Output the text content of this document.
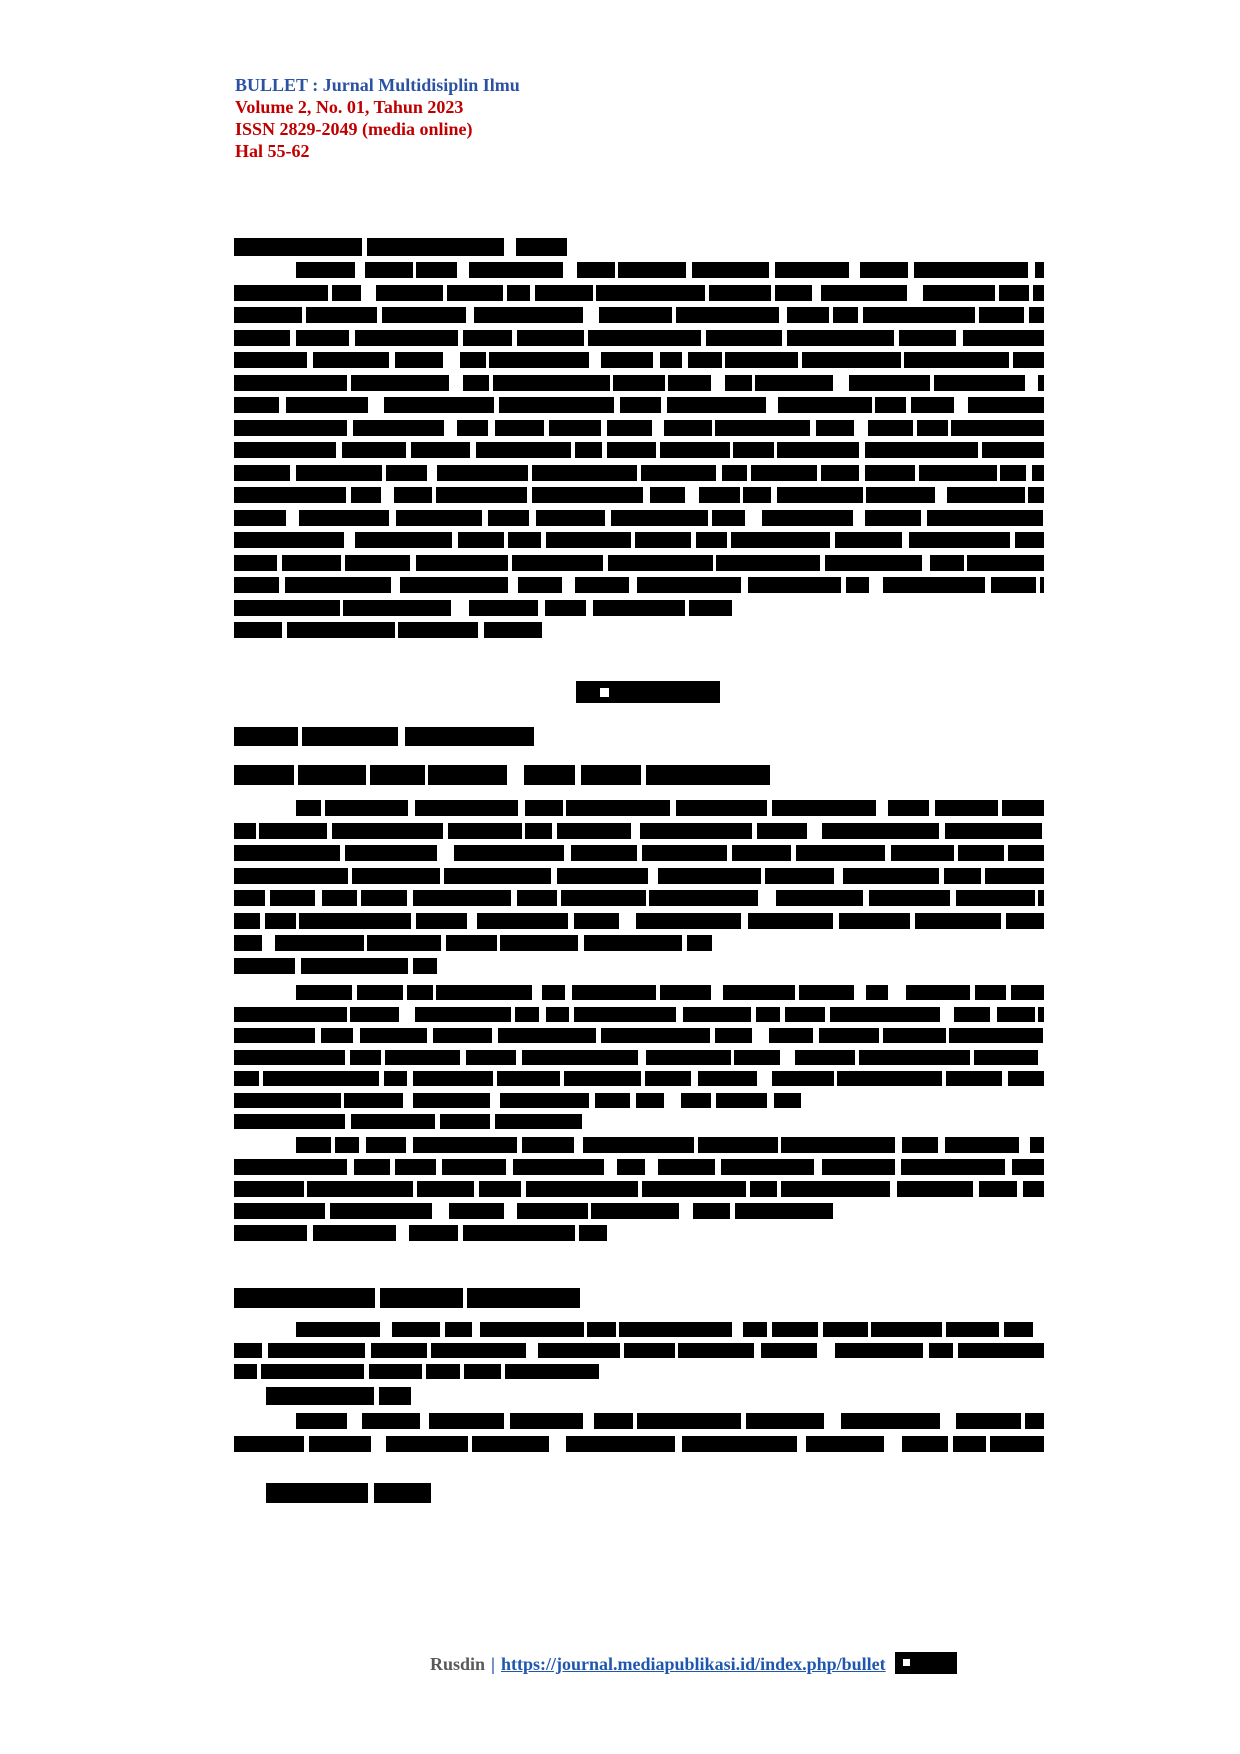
BULLET : Jurnal Multidisiplin Ilmu
Volume 2, No. 01, Tahun 2023
ISSN 2829-2049 (media online)
Hal 55-62
Rusdin | https://journal.mediapublikasi.id/index.php/bullet
